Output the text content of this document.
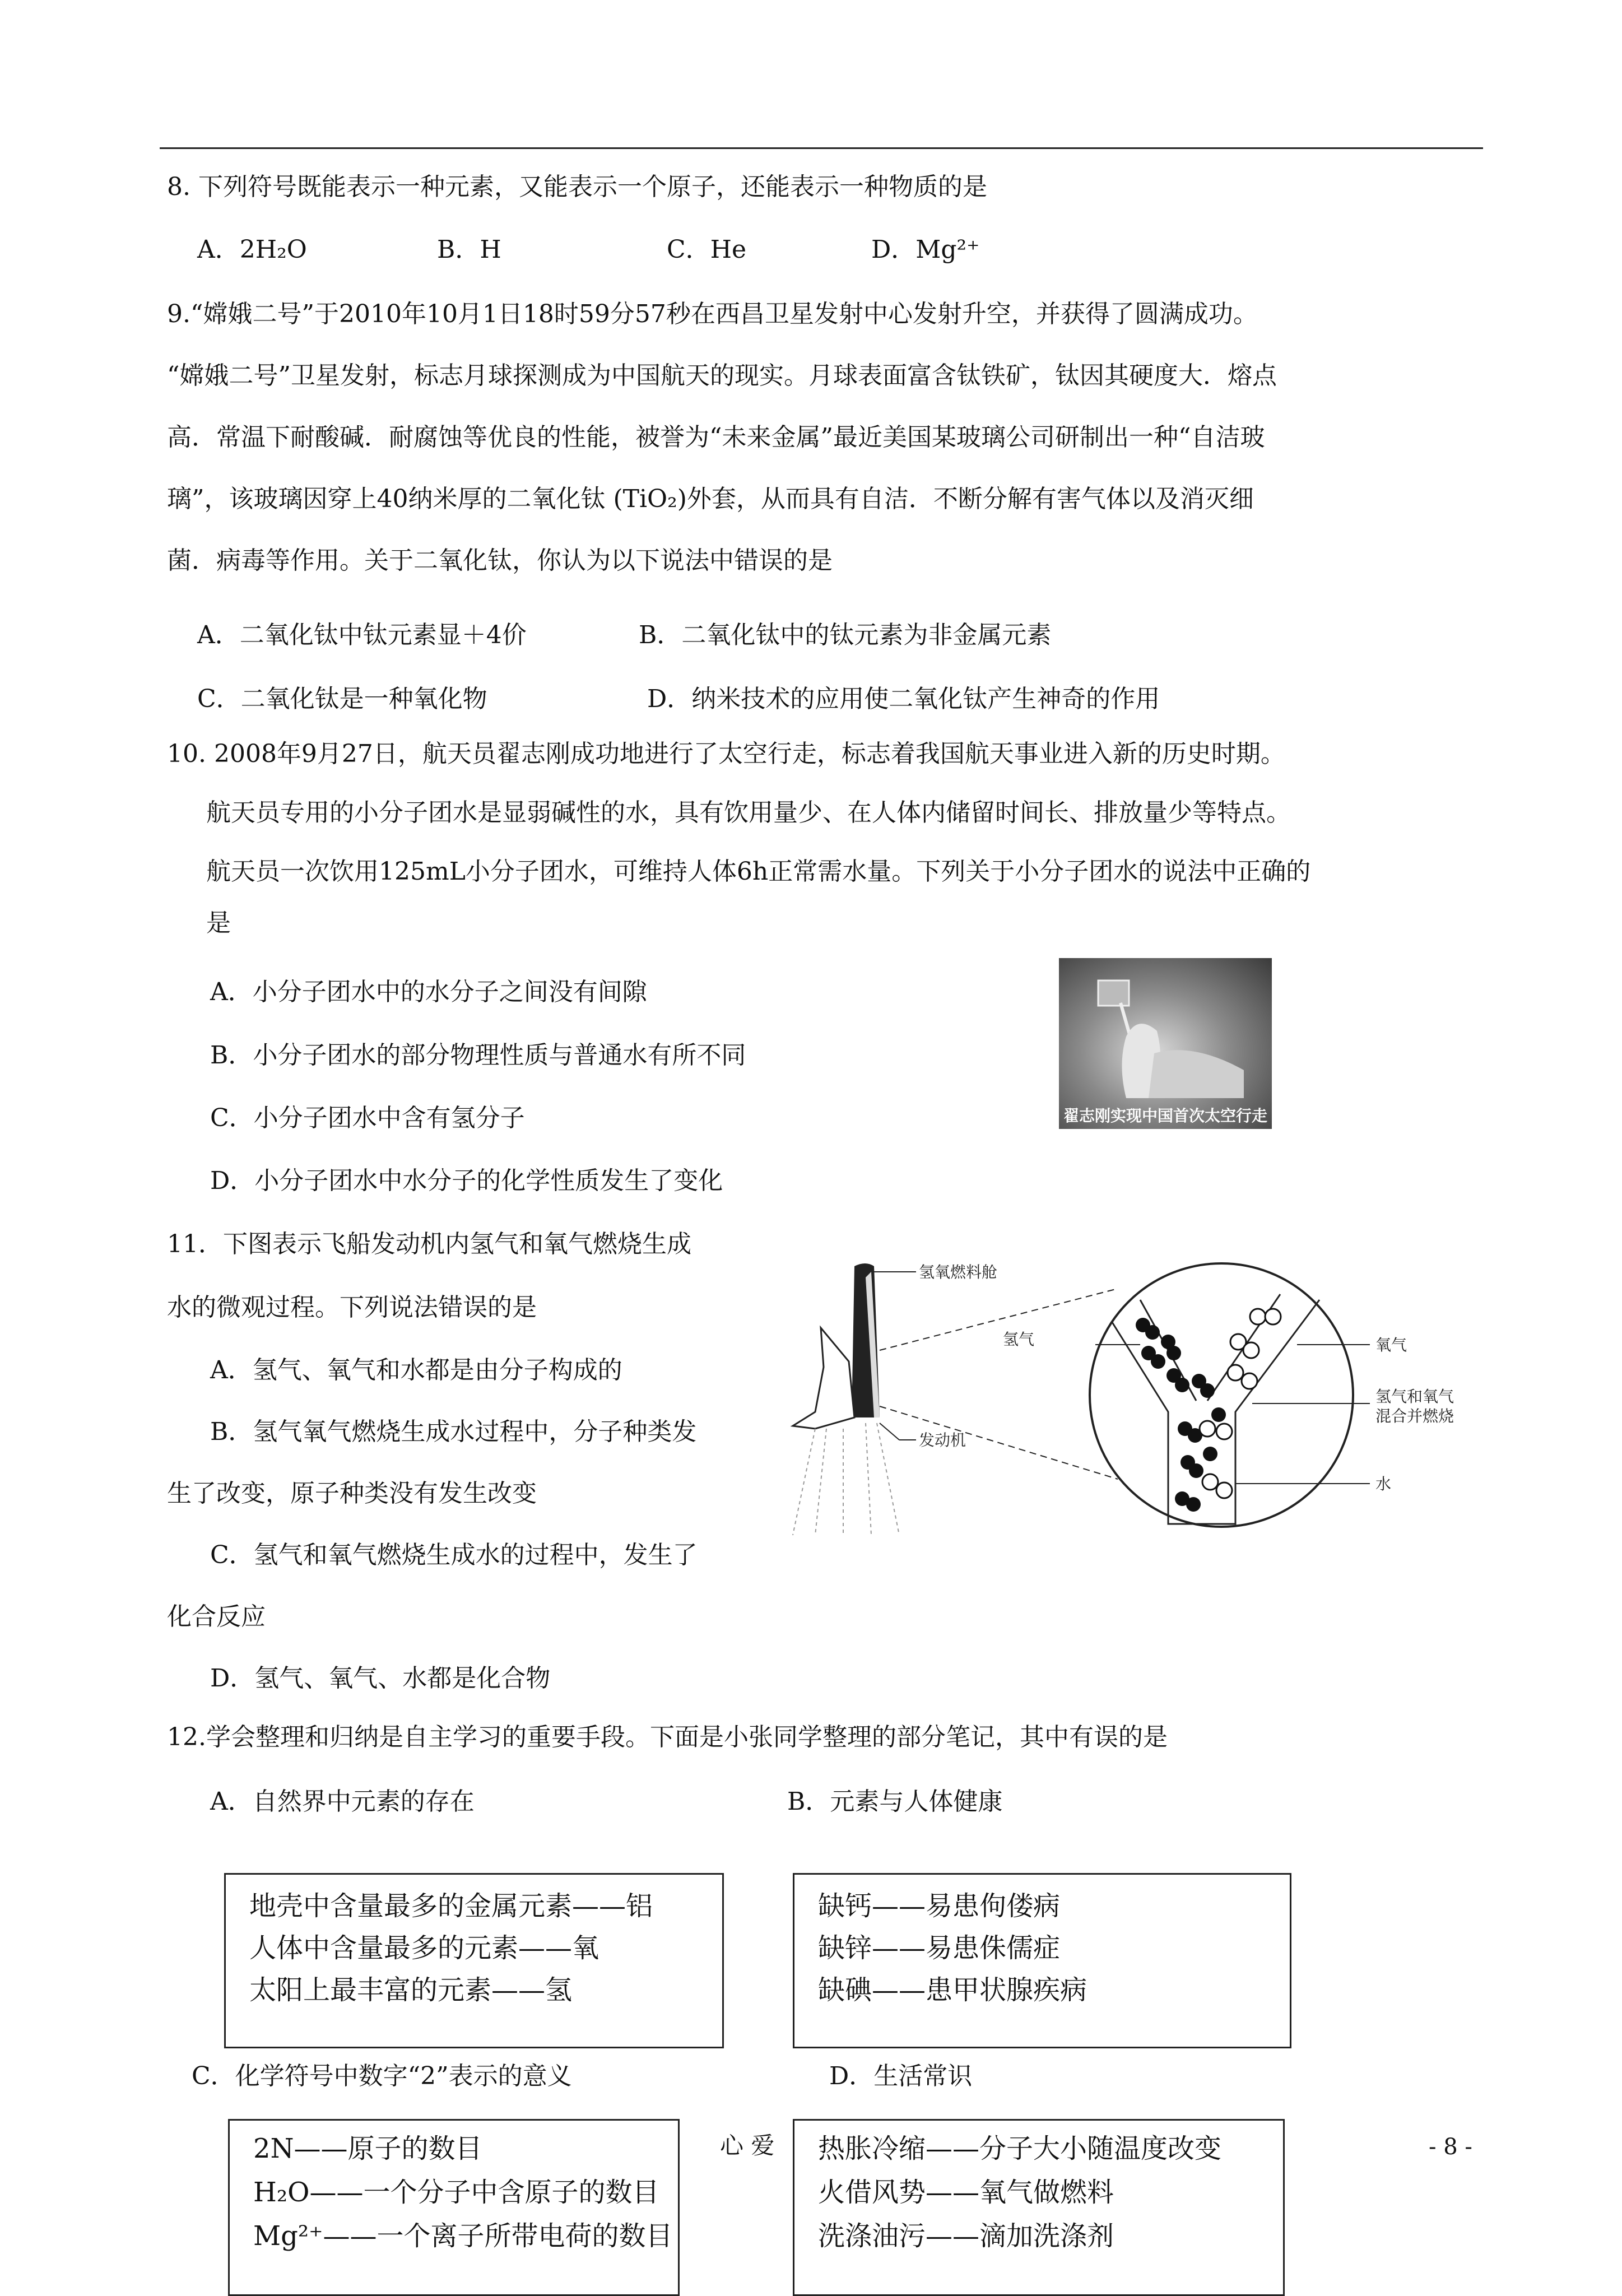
8. 下列符号既能表示一种元素，又能表示一个原子，还能表示一种物质的是
A．2H₂O	B．H	C．He	D．Mg²⁺
9.“嫦娥二号”于2010年10月1日18时59分57秒在西昌卫星发射中心发射升空，并获得了圆满成功。
“嫦娥二号”卫星发射，标志月球探测成为中国航天的现实。月球表面富含钛铁矿，钛因其硬度大．熔点
高．常温下耐酸碱．耐腐蚀等优良的性能，被誉为“未来金属”最近美国某玻璃公司研制出一种“自洁玻
璃”，该玻璃因穿上40纳米厚的二氧化钛 (TiO₂)外套，从而具有自洁．不断分解有害气体以及消灭细
菌．病毒等作用。关于二氧化钛，你认为以下说法中错误的是
A．二氧化钛中钛元素显＋4价	B．二氧化钛中的钛元素为非金属元素
C．二氧化钛是一种氧化物	D．纳米技术的应用使二氧化钛产生神奇的作用
10. 2008年9月27日，航天员翟志刚成功地进行了太空行走，标志着我国航天事业进入新的历史时期。
航天员专用的小分子团水是显弱碱性的水，具有饮用量少、在人体内储留时间长、排放量少等特点。
航天员一次饮用125mL小分子团水，可维持人体6h正常需水量。下列关于小分子团水的说法中正确的
是
A．小分子团水中的水分子之间没有间隙
B．小分子团水的部分物理性质与普通水有所不同
C．小分子团水中含有氢分子
D．小分子团水中水分子的化学性质发生了变化
翟志刚实现中国首次太空行走
11．下图表示飞船发动机内氢气和氧气燃烧生成
水的微观过程。下列说法错误的是
A．氢气、氧气和水都是由分子构成的
B．氢气氧气燃烧生成水过程中，分子种类发
生了改变，原子种类没有发生改变
C．氢气和氧气燃烧生成水的过程中，发生了
化合反应
D．氢气、氧气、水都是化合物
氢氧燃料舱
发动机
氢气	氧气
氢气和氧气
混合并燃烧
水
12.学会整理和归纳是自主学习的重要手段。下面是小张同学整理的部分笔记，其中有误的是
A．自然界中元素的存在	B．元素与人体健康
地壳中含量最多的金属元素——铝
人体中含量最多的元素——氧
太阳上最丰富的元素——氢
缺钙——易患佝偻病
缺锌——易患侏儒症
缺碘——患甲状腺疾病
C．化学符号中数字“2”表示的意义	D．生活常识
2N——原子的数目
H₂O——一个分子中含原子的数目
Mg²⁺——一个离子所带电荷的数目
心 爱 热胀冷缩——分子大小随温度改变
火借风势——氧气做燃料
洗涤油污——滴加洗涤剂
- 8 -
